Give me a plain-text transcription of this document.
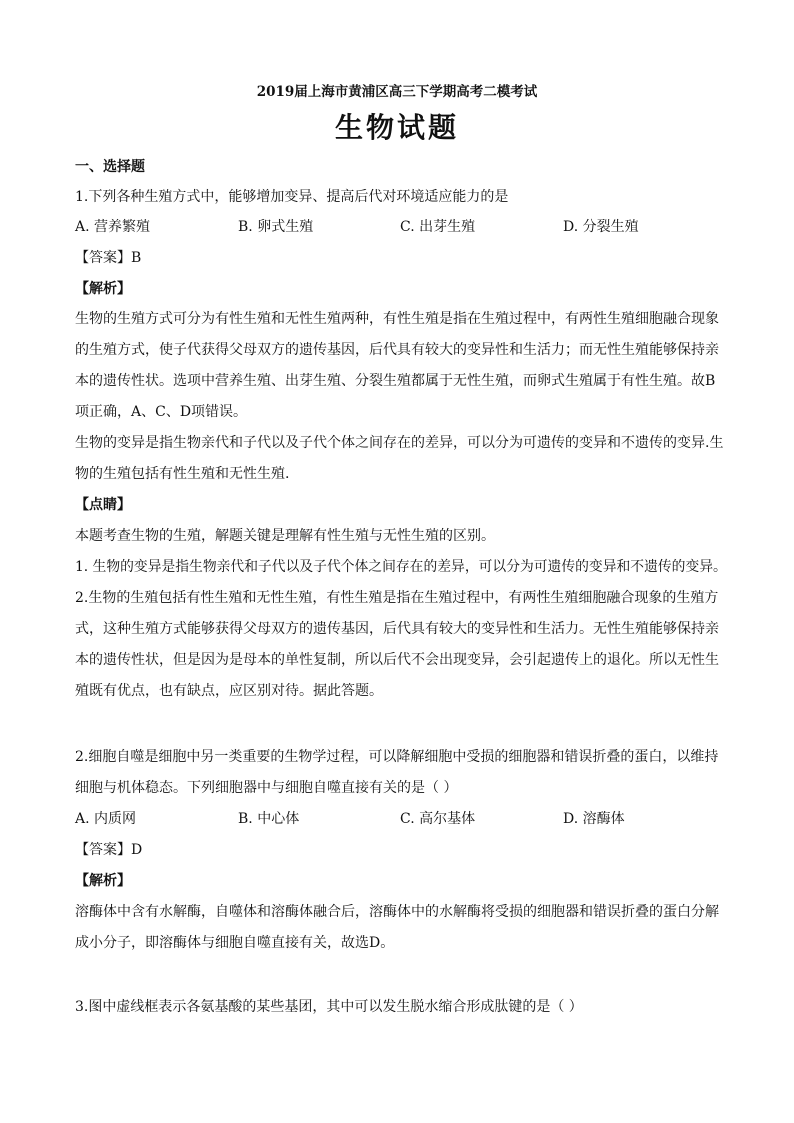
2019届上海市黄浦区高三下学期高考二模考试
生物试题
一、选择题
1.下列各种生殖方式中，能够增加变异、提高后代对环境适应能力的是
A. 营养繁殖	B. 卵式生殖	C. 出芽生殖	D. 分裂生殖
【答案】B
【解析】
生物的生殖方式可分为有性生殖和无性生殖两种，有性生殖是指在生殖过程中，有两性生殖细胞融合现象
的生殖方式，使子代获得父母双方的遗传基因，后代具有较大的变异性和生活力；而无性生殖能够保持亲
本的遗传性状。选项中营养生殖、出芽生殖、分裂生殖都属于无性生殖，而卵式生殖属于有性生殖。故B
项正确，A、C、D项错误。
生物的变异是指生物亲代和子代以及子代个体之间存在的差异，可以分为可遗传的变异和不遗传的变异.生
物的生殖包括有性生殖和无性生殖.
【点睛】
本题考查生物的生殖，解题关键是理解有性生殖与无性生殖的区别。
1. 生物的变异是指生物亲代和子代以及子代个体之间存在的差异，可以分为可遗传的变异和不遗传的变异。
2.生物的生殖包括有性生殖和无性生殖，有性生殖是指在生殖过程中，有两性生殖细胞融合现象的生殖方
式，这种生殖方式能够获得父母双方的遗传基因，后代具有较大的变异性和生活力。无性生殖能够保持亲
本的遗传性状，但是因为是母本的单性复制，所以后代不会出现变异，会引起遗传上的退化。所以无性生
殖既有优点，也有缺点，应区别对待。据此答题。
2.细胞自噬是细胞中另一类重要的生物学过程，可以降解细胞中受损的细胞器和错误折叠的蛋白，以维持
细胞与机体稳态。下列细胞器中与细胞自噬直接有关的是（ ）
A. 内质网	B. 中心体	C. 高尔基体	D. 溶酶体
【答案】D
【解析】
溶酶体中含有水解酶，自噬体和溶酶体融合后，溶酶体中的水解酶将受损的细胞器和错误折叠的蛋白分解
成小分子，即溶酶体与细胞自噬直接有关，故选D。
3.图中虚线框表示各氨基酸的某些基团，其中可以发生脱水缩合形成肽键的是（ ）
